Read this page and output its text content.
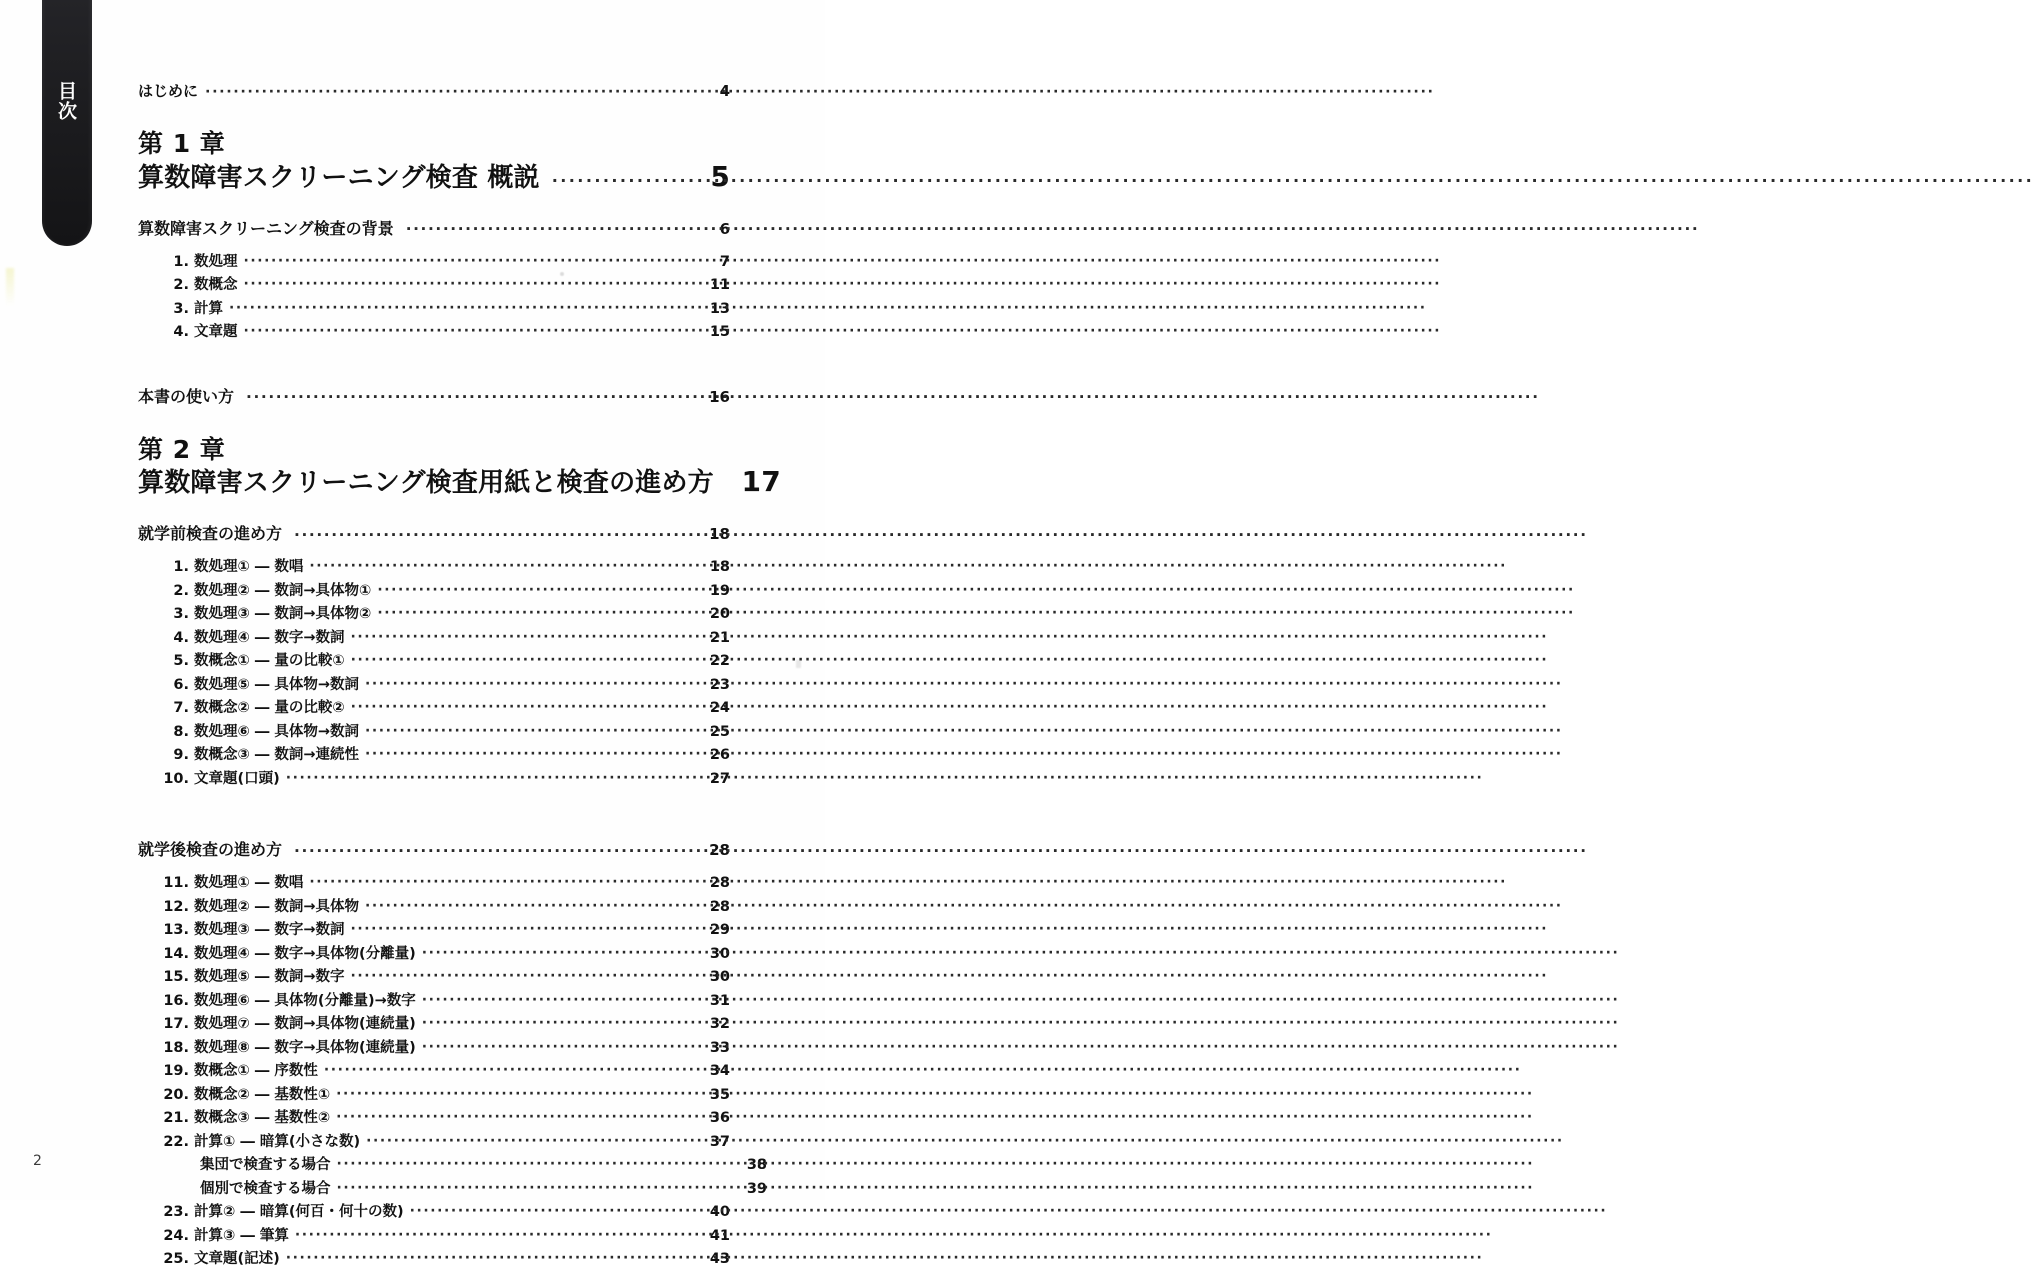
目次	はじめに ·····	4
第 1 章
算数障害スクリーニング検査 概説 ·····	5
算数障害スクリーニング検査の背景 ·····	6
1. 数処理 ·····	7
2. 数概念 ·····	11
3. 計算 ·····	13
4. 文章題 ·····	15
本書の使い方 ·····	16
第 2 章
算数障害スクリーニング検査用紙と検査の進め方 17
就学前検査の進め方 ·····	18
1. 数処理① ― 数唱 ·····	18
2. 数処理② ― 数詞→具体物① ·····	19
3. 数処理③ ― 数詞→具体物② ·····	20
4. 数処理④ ― 数字→数詞 ·····	21
5. 数概念① ― 量の比較① ·····	22
6. 数処理⑤ ― 具体物→数詞 ·····	23
7. 数概念② ― 量の比較② ·····	24
8. 数処理⑥ ― 具体物→数詞 ·····	25
9. 数概念③ ― 数詞→連続性 ·····	26
10. 文章題(口頭) ·····	27
就学後検査の進め方 ·····	28
11. 数処理① ― 数唱 ·····	28
12. 数処理② ― 数詞→具体物 ·····	28
13. 数処理③ ― 数字→数詞 ·····	29
14. 数処理④ ― 数字→具体物(分離量) ·····	30
15. 数処理⑤ ― 数詞→数字 ·····	30
16. 数処理⑥ ― 具体物(分離量)→数字 ·····	31
17. 数処理⑦ ― 数詞→具体物(連続量) ·····	32
18. 数処理⑧ ― 数字→具体物(連続量) ·····	33
19. 数概念① ― 序数性 ·····	34
20. 数概念② ― 基数性① ·····	35
21. 数概念③ ― 基数性② ·····	36
22. 計算① ― 暗算(小さな数) ·····	37
集団で検査する場合 ·····	38
個別で検査する場合 ·····	39
23. 計算② ― 暗算(何百・何十の数) ·····	40
24. 計算③ ― 筆算 ·····	41
25. 文章題(記述) ·····	43
2
